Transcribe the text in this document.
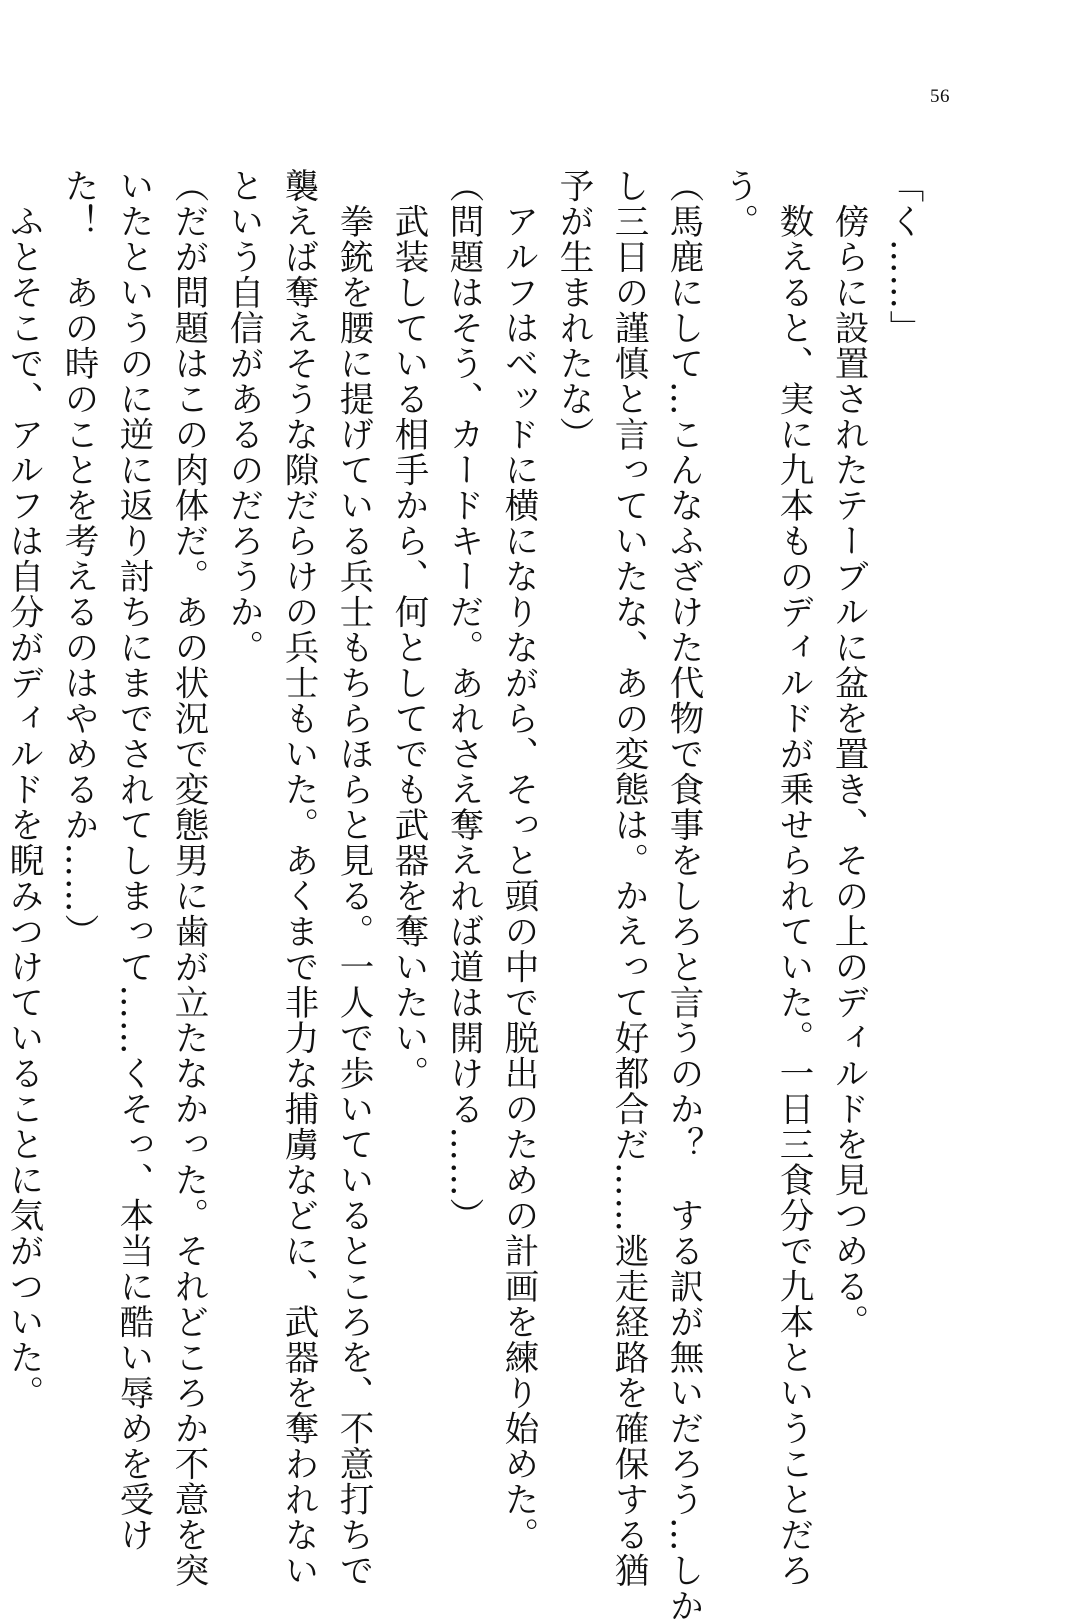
56
「く……」
　傍らに設置されたテーブルに盆を置き、その上のディルドを見つめる。
　数えると、実に九本ものディルドが乗せられていた。一日三食分で九本ということだろ
う。
（馬鹿にして…こんなふざけた代物で食事をしろと言うのか？　する訳が無いだろう…しか
し三日の謹慎と言っていたな、あの変態は。かえって好都合だ……逃走経路を確保する猶
予が生まれたな）
　アルフはベッドに横になりながら、そっと頭の中で脱出のための計画を練り始めた。
（問題はそう、カードキーだ。あれさえ奪えれば道は開ける……）
　武装している相手から、何としてでも武器を奪いたい。
　拳銃を腰に提げている兵士もちらほらと見る。一人で歩いているところを、不意打ちで
襲えば奪えそうな隙だらけの兵士もいた。あくまで非力な捕虜などに、武器を奪われない
という自信があるのだろうか。
（だが問題はこの肉体だ。あの状況で変態男に歯が立たなかった。それどころか不意を突
いたというのに逆に返り討ちにまでされてしまって……くそっ、本当に酷い辱めを受け
た！　あの時のことを考えるのはやめるか……）
　ふとそこで、アルフは自分がディルドを睨みつけていることに気がついた。
